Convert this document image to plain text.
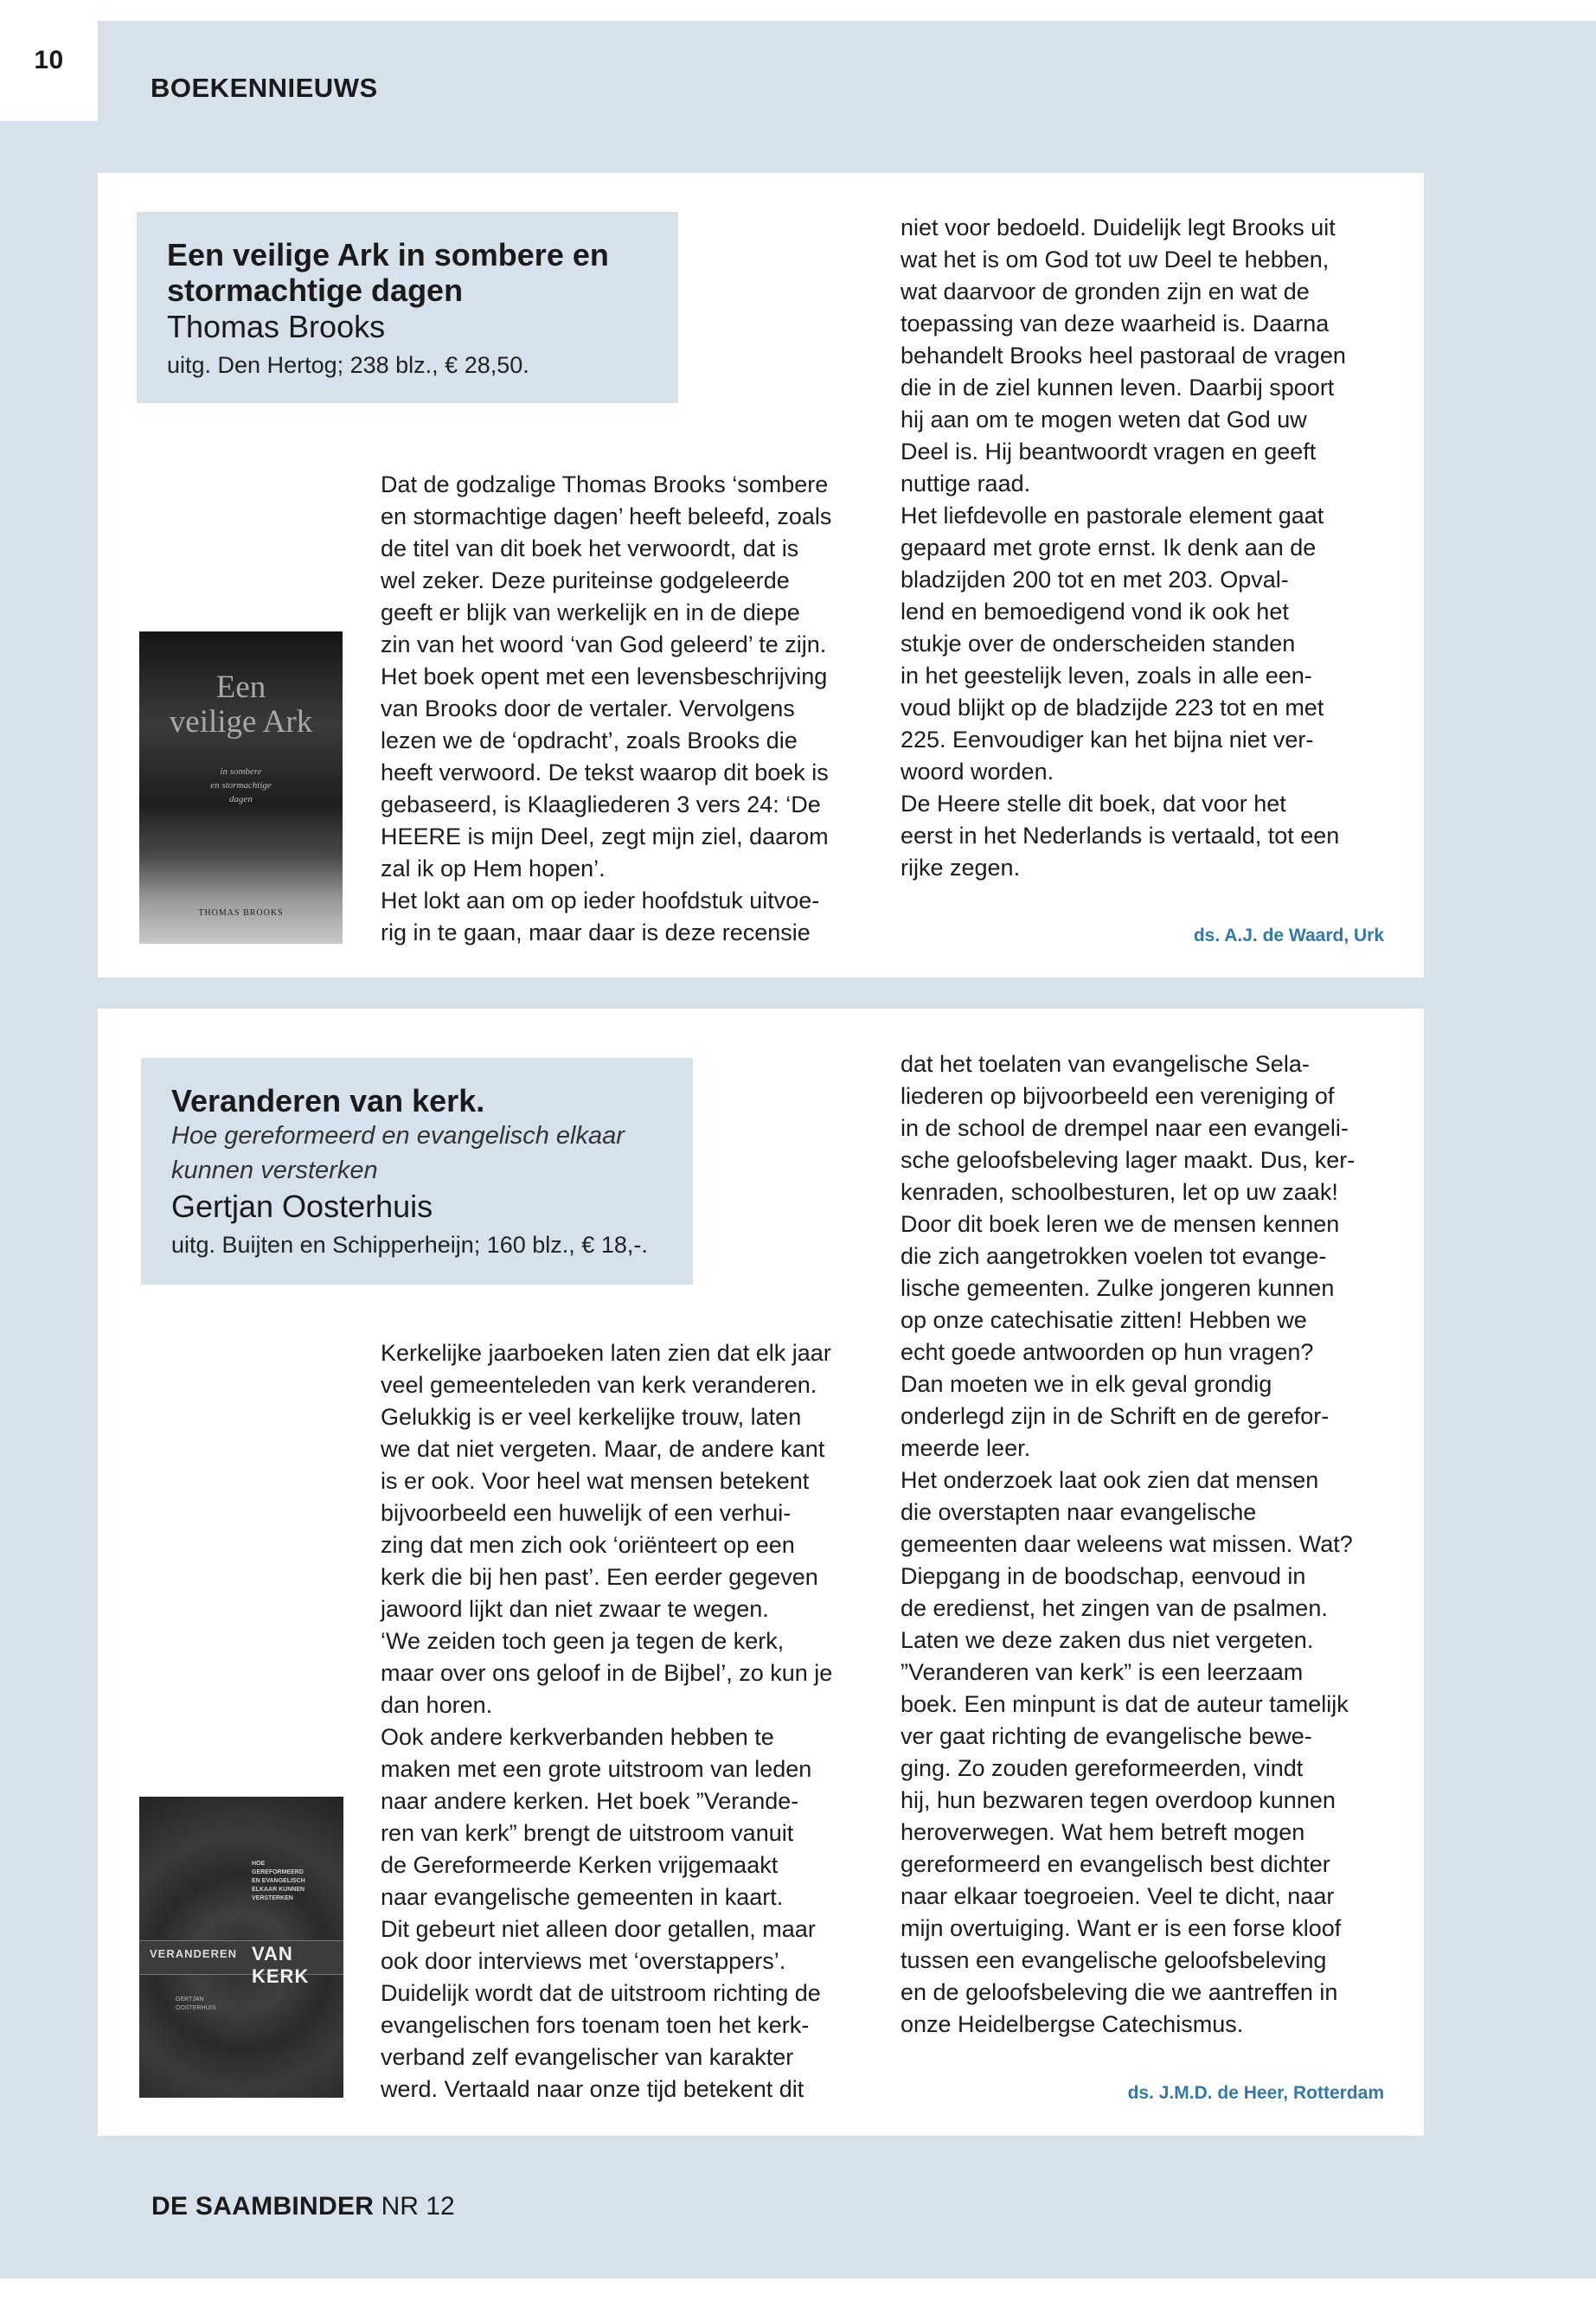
10
BOEKENNIEUWS
Een veilige Ark in sombere en
stormachtige dagen
Thomas Brooks
uitg. Den Hertog; 238 blz., € 28,50.
Een
veilige Ark
in sombere
en stormachtige
dagen
THOMAS BROOKS

Dat de godzalige Thomas Brooks ‘sombere

en stormachtige dagen’ heeft beleefd, zoals

de titel van dit boek het verwoordt, dat is

wel zeker. Deze puriteinse godgeleerde

geeft er blijk van werkelijk en in de diepe

zin van het woord ‘van God geleerd’ te zijn.

Het boek opent met een levensbeschrijving

van Brooks door de vertaler. Vervolgens

lezen we de ‘opdracht’, zoals Brooks die

heeft verwoord. De tekst waarop dit boek is

gebaseerd, is Klaagliederen 3 vers 24: ‘De

HEERE is mijn Deel, zegt mijn ziel, daarom

zal ik op Hem hopen’.

Het lokt aan om op ieder hoofdstuk uitvoe-

rig in te gaan, maar daar is deze recensie

niet voor bedoeld. Duidelijk legt Brooks uit

wat het is om God tot uw Deel te hebben,

wat daarvoor de gronden zijn en wat de

toepassing van deze waarheid is. Daarna

behandelt Brooks heel pastoraal de vragen

die in de ziel kunnen leven. Daarbij spoort

hij aan om te mogen weten dat God uw

Deel is. Hij beantwoordt vragen en geeft

nuttige raad.

Het liefdevolle en pastorale element gaat

gepaard met grote ernst. Ik denk aan de

bladzijden 200 tot en met 203. Opval-

lend en bemoedigend vond ik ook het

stukje over de onderscheiden standen

in het geestelijk leven, zoals in alle een-

voud blijkt op de bladzijde 223 tot en met

225. Eenvoudiger kan het bijna niet ver-

woord worden.

De Heere stelle dit boek, dat voor het

eerst in het Nederlands is vertaald, tot een

rijke zegen.

ds. A.J. de Waard, Urk
Veranderen van kerk.
Hoe gereformeerd en evangelisch elkaar
kunnen versterken
Gertjan Oosterhuis
uitg. Buijten en Schipperheijn; 160 blz., € 18,-.
HOE
GEREFORMEERD
EN EVANGELISCH
ELKAAR KUNNEN
VERSTERKEN
VERANDEREN VAN KERK
GERTJAN
OOSTERHUIS

Kerkelijke jaarboeken laten zien dat elk jaar

veel gemeenteleden van kerk veranderen.

Gelukkig is er veel kerkelijke trouw, laten

we dat niet vergeten. Maar, de andere kant

is er ook. Voor heel wat mensen betekent

bijvoorbeeld een huwelijk of een verhui-

zing dat men zich ook ‘oriënteert op een

kerk die bij hen past’. Een eerder gegeven

jawoord lijkt dan niet zwaar te wegen.

‘We zeiden toch geen ja tegen de kerk,

maar over ons geloof in de Bijbel’, zo kun je

dan horen.

Ook andere kerkverbanden hebben te

maken met een grote uitstroom van leden

naar andere kerken. Het boek ”Verande-

ren van kerk” brengt de uitstroom vanuit

de Gereformeerde Kerken vrijgemaakt

naar evangelische gemeenten in kaart.

Dit gebeurt niet alleen door getallen, maar

ook door interviews met ‘overstappers’.

Duidelijk wordt dat de uitstroom richting de

evangelischen fors toenam toen het kerk-

verband zelf evangelischer van karakter

werd. Vertaald naar onze tijd betekent dit

dat het toelaten van evangelische Sela-

liederen op bijvoorbeeld een vereniging of

in de school de drempel naar een evangeli-

sche geloofsbeleving lager maakt. Dus, ker-

kenraden, schoolbesturen, let op uw zaak!

Door dit boek leren we de mensen kennen

die zich aangetrokken voelen tot evange-

lische gemeenten. Zulke jongeren kunnen

op onze catechisatie zitten! Hebben we

echt goede antwoorden op hun vragen?

Dan moeten we in elk geval grondig

onderlegd zijn in de Schrift en de gerefor-

meerde leer.

Het onderzoek laat ook zien dat mensen

die overstapten naar evangelische

gemeenten daar weleens wat missen. Wat?

Diepgang in de boodschap, eenvoud in

de eredienst, het zingen van de psalmen.

Laten we deze zaken dus niet vergeten.

”Veranderen van kerk” is een leerzaam

boek. Een minpunt is dat de auteur tamelijk

ver gaat richting de evangelische bewe-

ging. Zo zouden gereformeerden, vindt

hij, hun bezwaren tegen overdoop kunnen

heroverwegen. Wat hem betreft mogen

gereformeerd en evangelisch best dichter

naar elkaar toegroeien. Veel te dicht, naar

mijn overtuiging. Want er is een forse kloof

tussen een evangelische geloofsbeleving

en de geloofsbeleving die we aantreffen in

onze Heidelbergse Catechismus.

ds. J.M.D. de Heer, Rotterdam
DE SAAMBINDER NR 12
